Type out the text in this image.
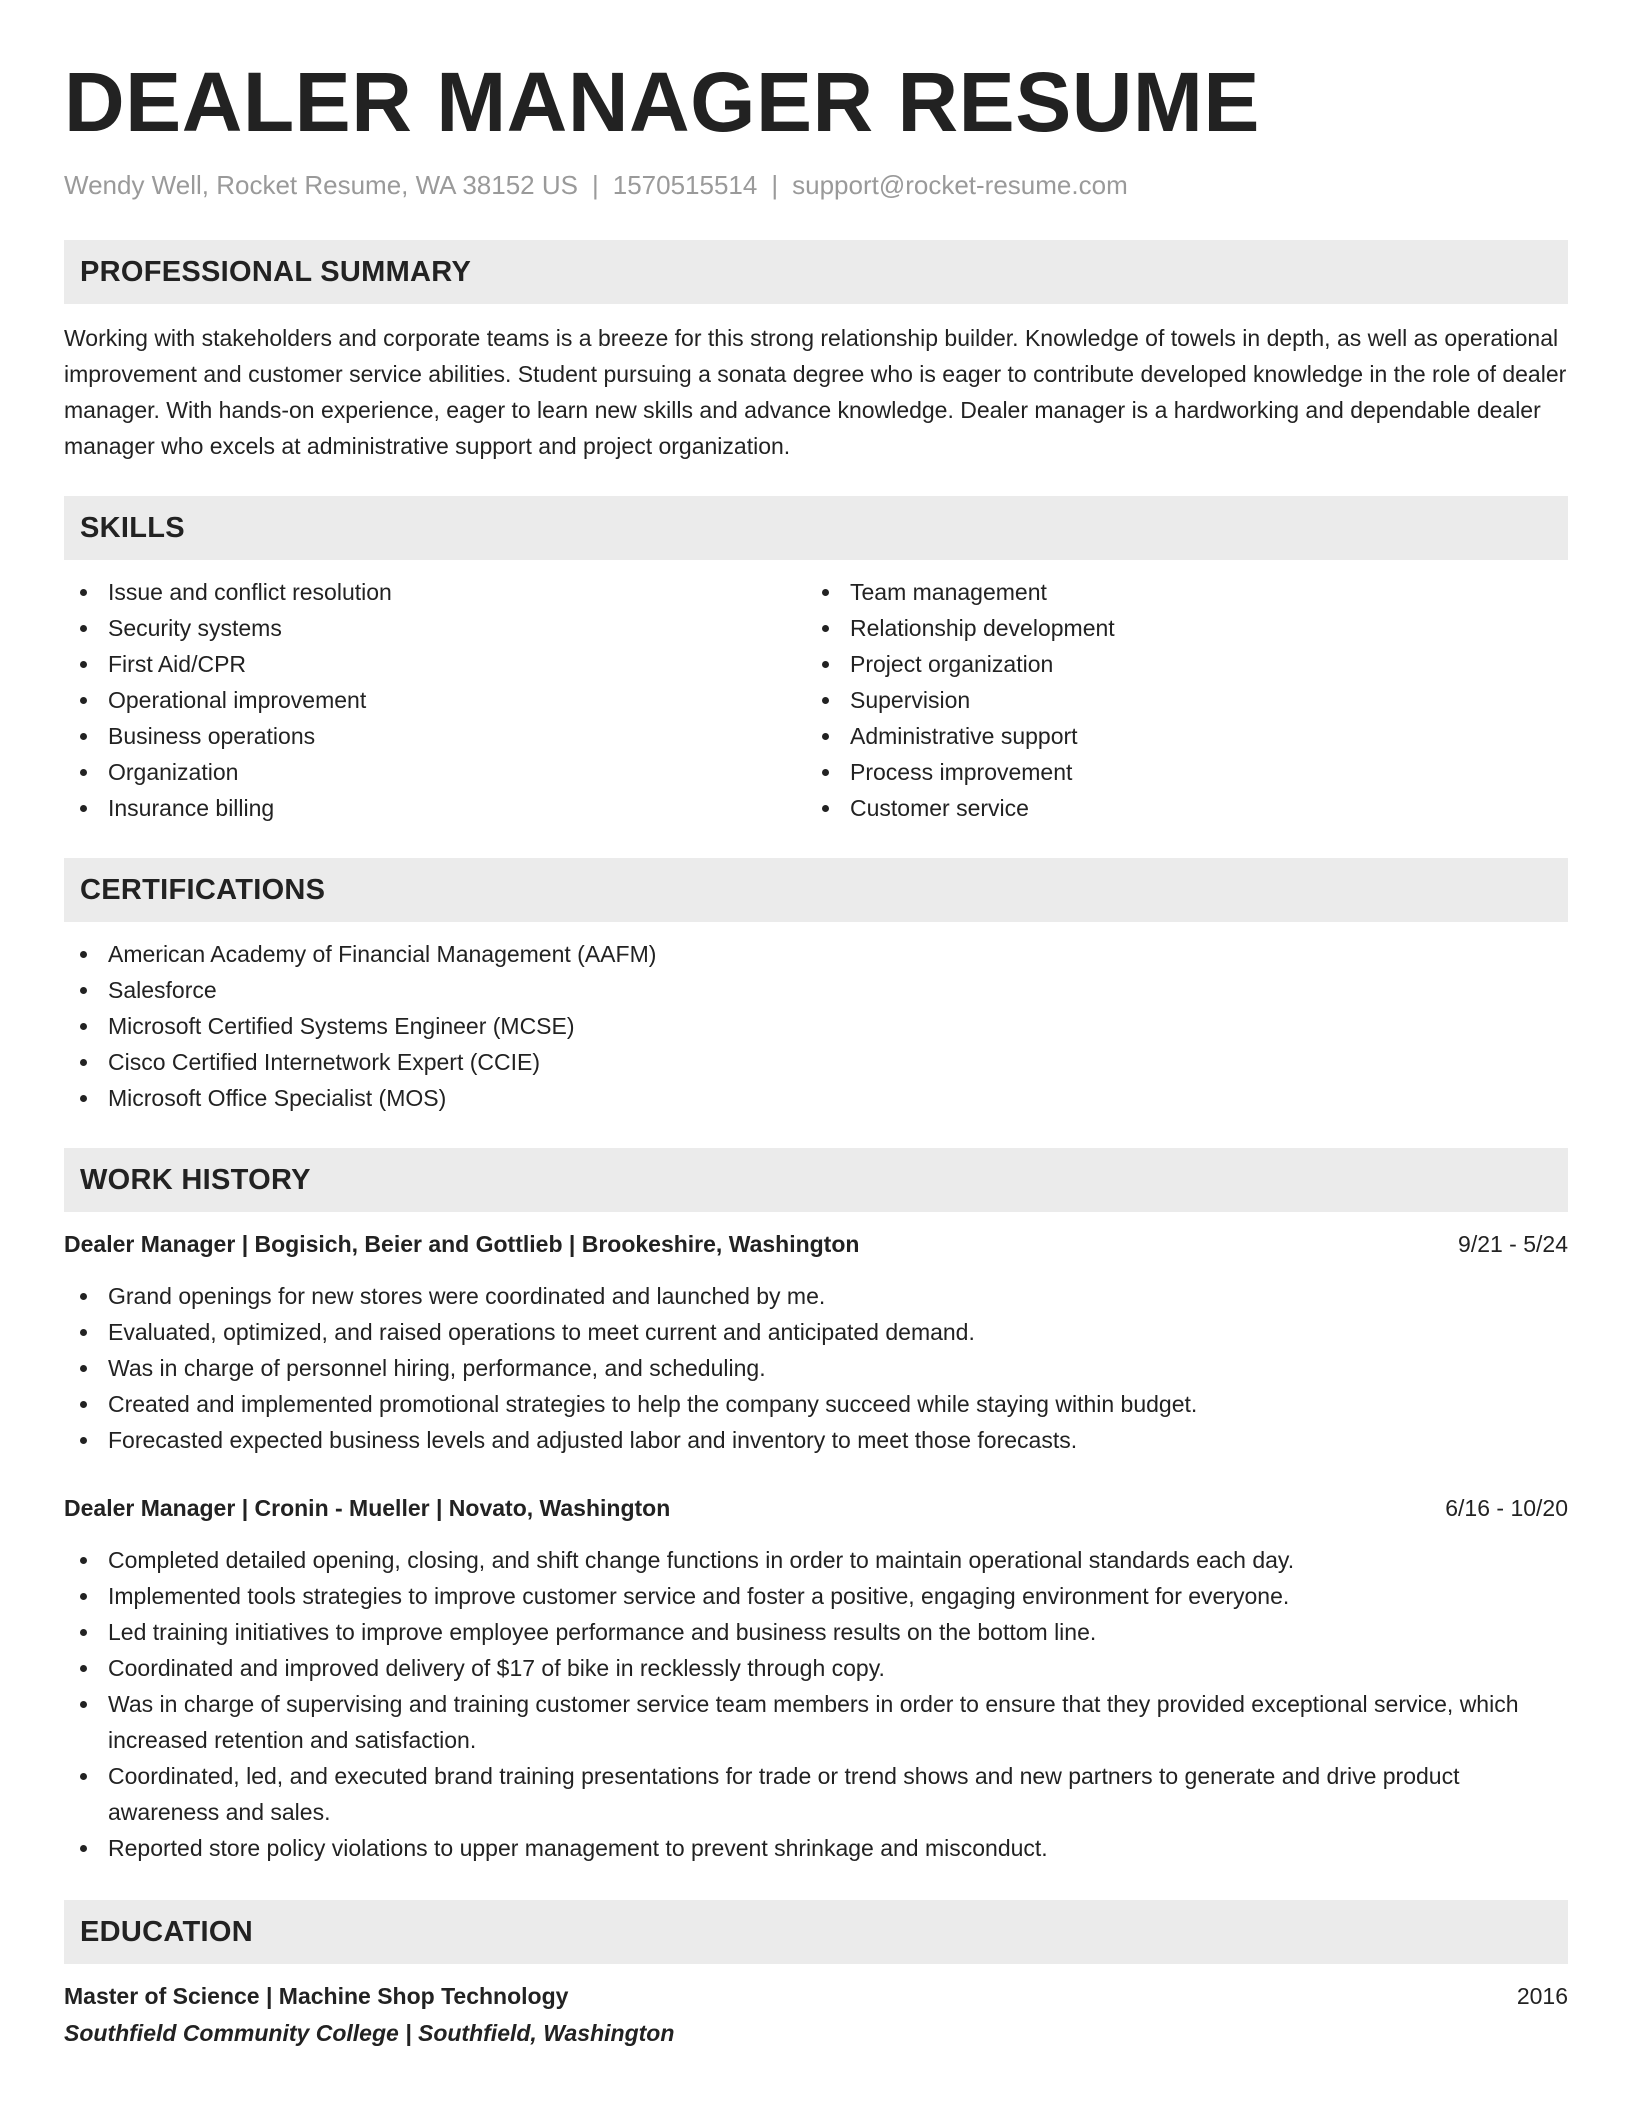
DEALER MANAGER RESUME
Wendy Well, Rocket Resume, WA 38152 US | 1570515514 | support@rocket-resume.com
PROFESSIONAL SUMMARY
Working with stakeholders and corporate teams is a breeze for this strong relationship builder. Knowledge of towels in depth, as well as operational improvement and customer service abilities. Student pursuing a sonata degree who is eager to contribute developed knowledge in the role of dealer manager. With hands-on experience, eager to learn new skills and advance knowledge. Dealer manager is a hardworking and dependable dealer manager who excels at administrative support and project organization.
SKILLS
Issue and conflict resolution
Security systems
First Aid/CPR
Operational improvement
Business operations
Organization
Insurance billing
Team management
Relationship development
Project organization
Supervision
Administrative support
Process improvement
Customer service
CERTIFICATIONS
American Academy of Financial Management (AAFM)
Salesforce
Microsoft Certified Systems Engineer (MCSE)
Cisco Certified Internetwork Expert (CCIE)
Microsoft Office Specialist (MOS)
WORK HISTORY
Dealer Manager | Bogisich, Beier and Gottlieb | Brookeshire, Washington	9/21 - 5/24
Grand openings for new stores were coordinated and launched by me.
Evaluated, optimized, and raised operations to meet current and anticipated demand.
Was in charge of personnel hiring, performance, and scheduling.
Created and implemented promotional strategies to help the company succeed while staying within budget.
Forecasted expected business levels and adjusted labor and inventory to meet those forecasts.
Dealer Manager | Cronin - Mueller | Novato, Washington	6/16 - 10/20
Completed detailed opening, closing, and shift change functions in order to maintain operational standards each day.
Implemented tools strategies to improve customer service and foster a positive, engaging environment for everyone.
Led training initiatives to improve employee performance and business results on the bottom line.
Coordinated and improved delivery of $17 of bike in recklessly through copy.
Was in charge of supervising and training customer service team members in order to ensure that they provided exceptional service, which increased retention and satisfaction.
Coordinated, led, and executed brand training presentations for trade or trend shows and new partners to generate and drive product awareness and sales.
Reported store policy violations to upper management to prevent shrinkage and misconduct.
EDUCATION
Master of Science | Machine Shop Technology	2016
Southfield Community College | Southfield, Washington
